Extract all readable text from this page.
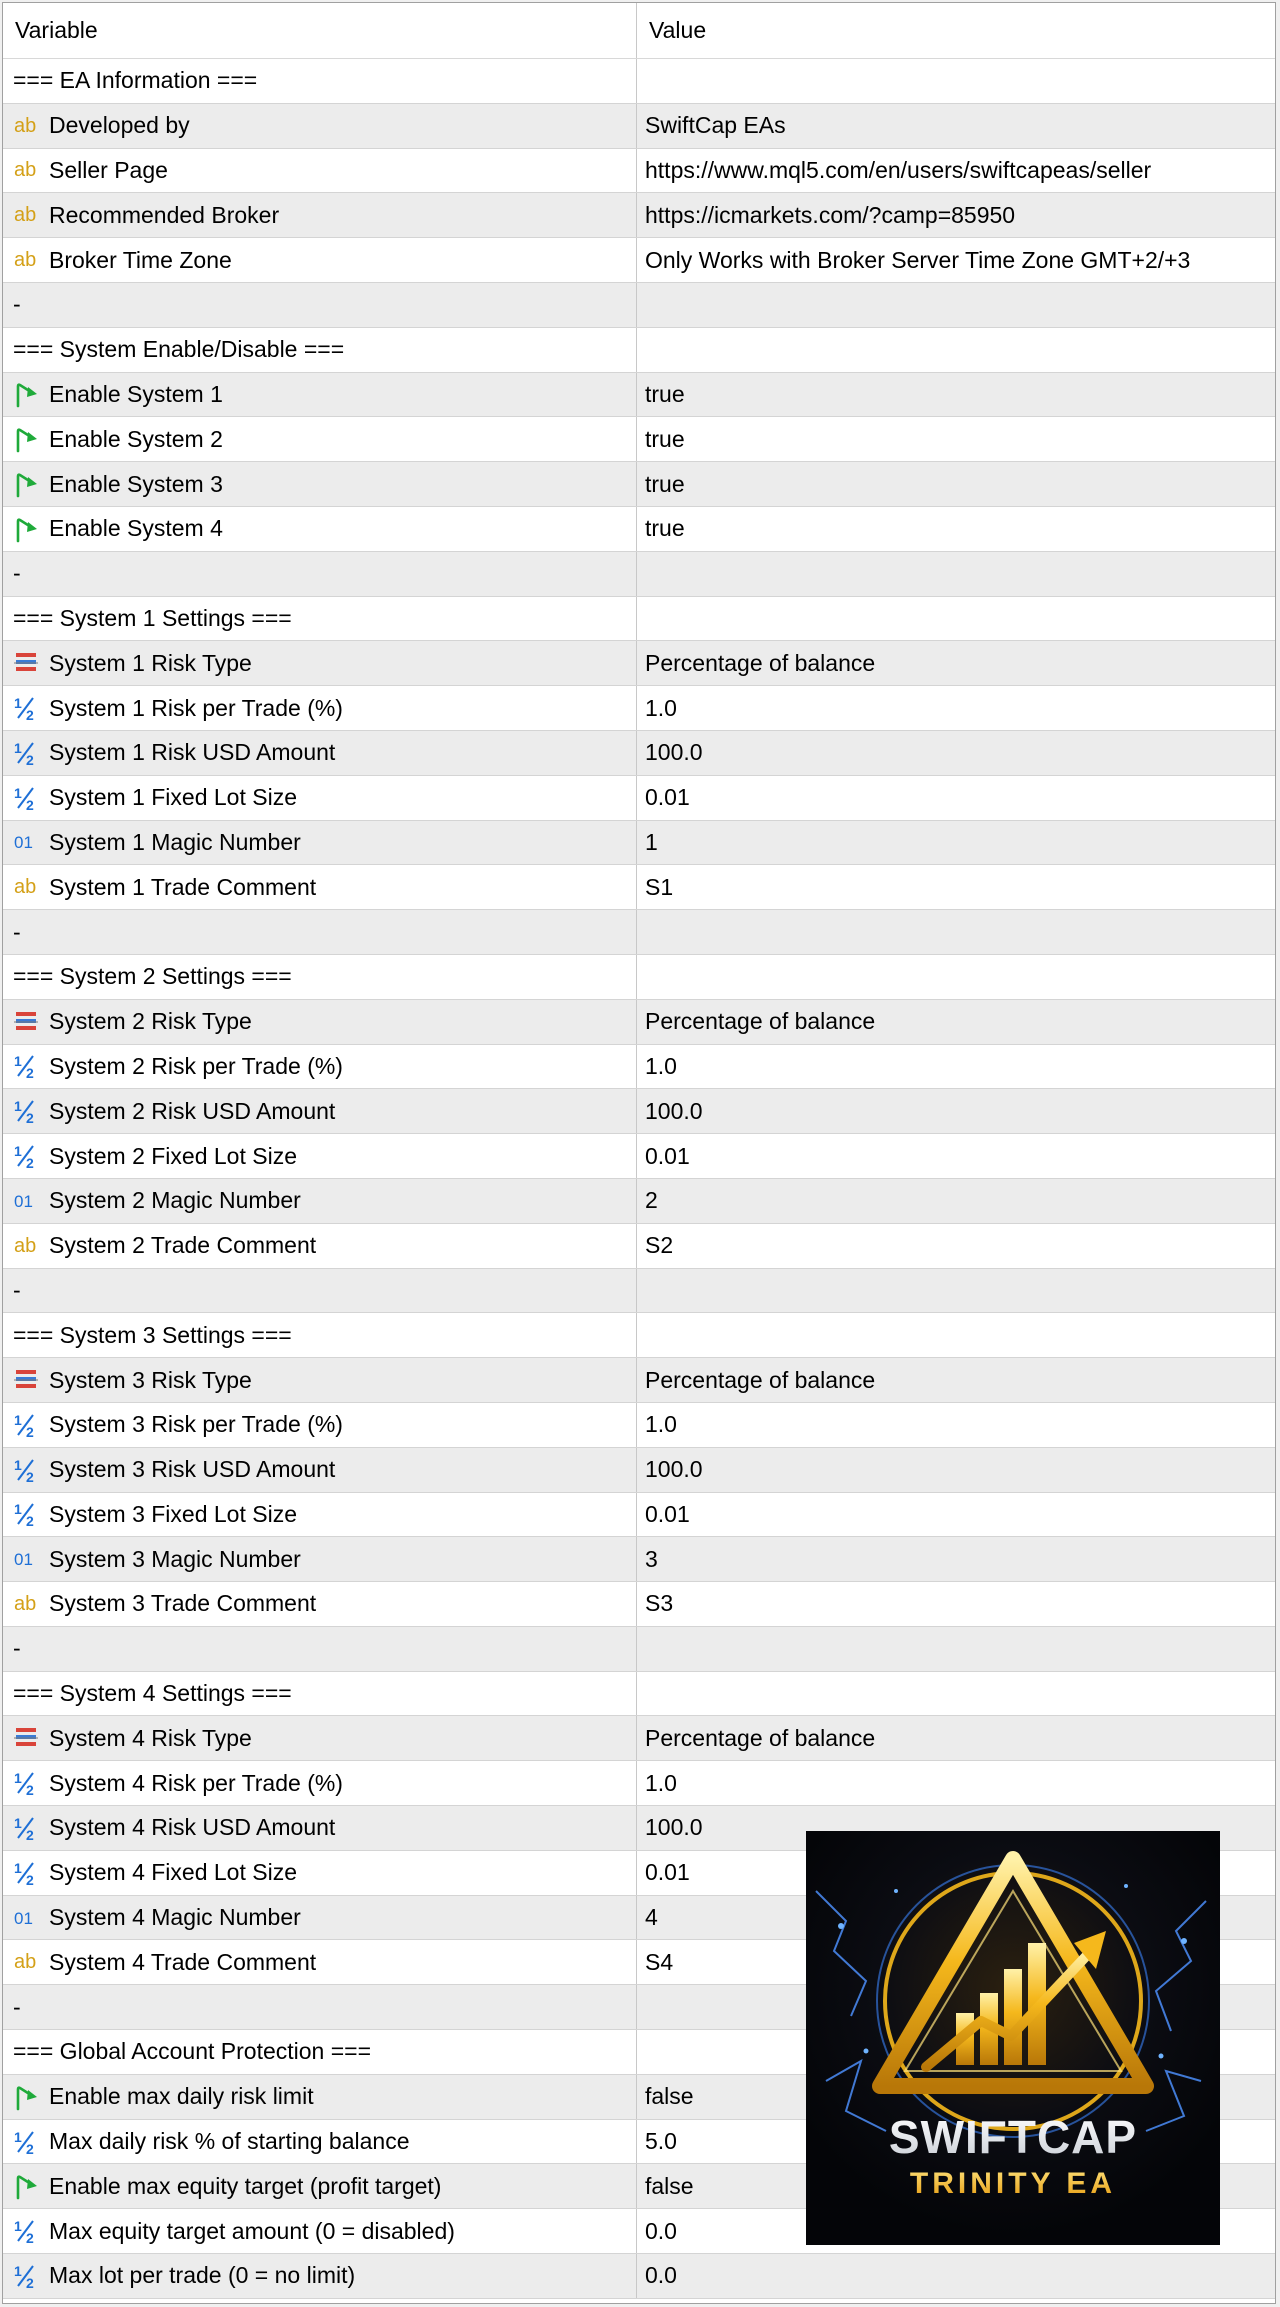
Variable	Value
=== EA Information ===
ab Developed by	SwiftCap EAs
ab Seller Page	https://www.mql5.com/en/users/swiftcapeas/seller
ab Recommended Broker	https://icmarkets.com/?camp=85950
ab Broker Time Zone	Only Works with Broker Server Time Zone GMT+2/+3
-
=== System Enable/Disable ===
Enable System 1	true
Enable System 2	true
Enable System 3	true
Enable System 4	true
-
=== System 1 Settings ===
System 1 Risk Type	Percentage of balance
1
2 System 1 Risk per Trade (%)	1.0
1
2 System 1 Risk USD Amount	100.0
1
2 System 1 Fixed Lot Size	0.01
01 System 1 Magic Number	1
ab System 1 Trade Comment	S1
-
=== System 2 Settings ===
System 2 Risk Type	Percentage of balance
1
2 System 2 Risk per Trade (%)	1.0
1
2 System 2 Risk USD Amount	100.0
1
2 System 2 Fixed Lot Size	0.01
01 System 2 Magic Number	2
ab System 2 Trade Comment	S2
-
=== System 3 Settings ===
System 3 Risk Type	Percentage of balance
1
2 System 3 Risk per Trade (%)	1.0
1
2 System 3 Risk USD Amount	100.0
1
2 System 3 Fixed Lot Size	0.01
01 System 3 Magic Number	3
ab System 3 Trade Comment	S3
-
=== System 4 Settings ===
System 4 Risk Type	Percentage of balance
1
2 System 4 Risk per Trade (%)	1.0
1
2 System 4 Risk USD Amount	100.0
1
2 System 4 Fixed Lot Size	0.01
01 System 4 Magic Number	4
ab System 4 Trade Comment	S4
-
=== Global Account Protection ===
Enable max daily risk limit	false
1
2 Max daily risk % of starting balance	5.0
Enable max equity target (profit target)	false
1
2 Max equity target amount (0 = disabled)	0.0
1
2 Max lot per trade (0 = no limit)	0.0
SWIFTCAP
TRINITY EA
